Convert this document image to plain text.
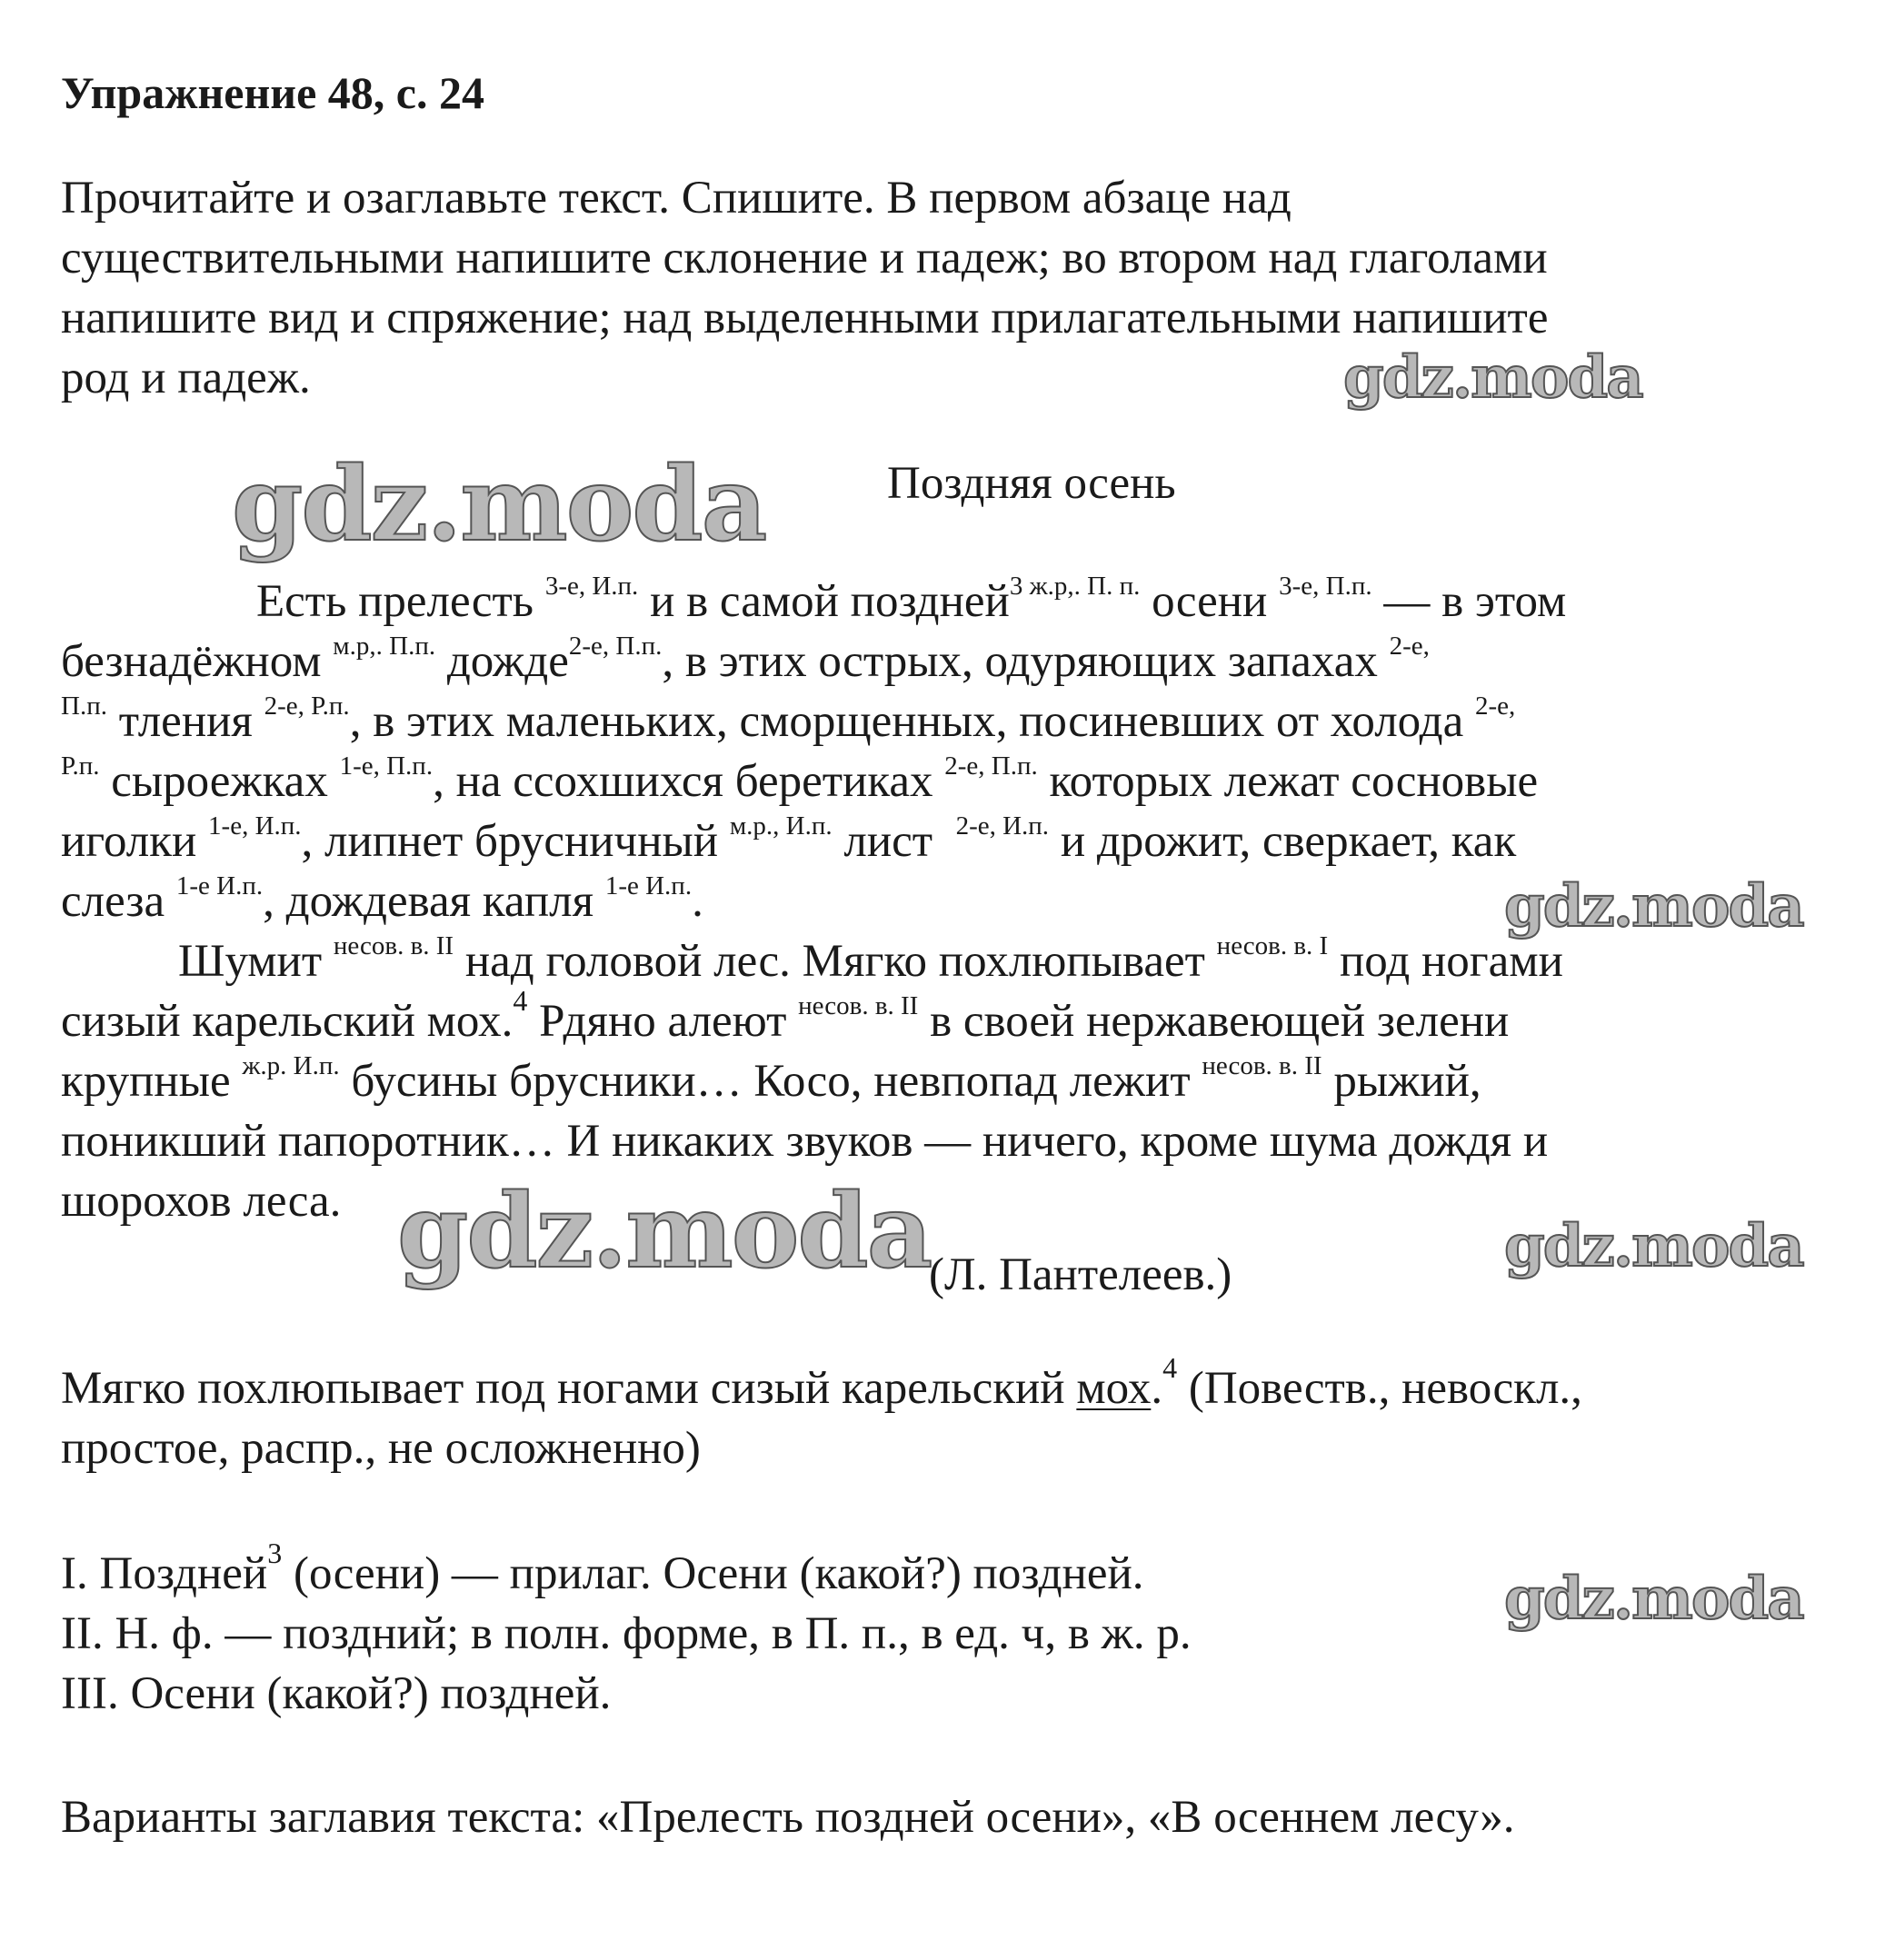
Упражнение 48, с. 24
Прочитайте и озаглавьте текст. Спишите. В первом абзаце над
существительными напишите склонение и падеж; во втором над глаголами
напишите вид и спряжение; над выделенными прилагательными напишите
род и падеж.	gdz.moda
gdz.moda
gdz.moda
gdz.moda	gdz.moda
gdz.moda
Поздняя осень
Есть прелесть $^{3-е, И.п.}$ и в самой поздней$^{3 ж.р,. П. п.}$ осени $^{3-е, П.п.}$ — в этом
безнадёжном $^{м.р,. П.п.}$ дожде$^{2-е, П.п.}$, в этих острых, одуряющих запахах $^{2-е,}$
$^{П.п.}$ тления $^{2-е, Р.п.}$, в этих маленьких, сморщенных, посиневших от холода $^{2-е,}$
$^{Р.п.}$ сыроежках $^{1-е, П.п.}$, на ссохшихся беретиках $^{2-е, П.п.}$ которых лежат сосновые
иголки $^{1-е, И.п.}$, липнет брусничный $^{м.р., И.п.}$ лист $^{2-е, И.п.}$ и дрожит, сверкает, как
слеза $^{1-е И.п.}$, дождевая капля $^{1-е И.п.}$.
Шумит $^{несов. в. II}$ над головой лес. Мягко похлюпывает $^{несов. в. I}$ под ногами
сизый карельский мох.$^4$ Рдяно алеют $^{несов. в. II}$ в своей нержавеющей зелени
крупные $^{ж.р. И.п.}$ бусины брусники… Косо, невпопад лежит $^{несов. в. II}$ рыжий,
поникший папоротник… И никаких звуков — ничего, кроме шума дождя и
шорохов леса.
(Л. Пантелеев.)
Мягко похлюпывает под ногами сизый карельский мох.$^4$ (Повеств., невоскл.,
простое, распр., не осложненно)
I. Поздней$^3$ (осени) — прилаг. Осени (какой?) поздней.
II. Н. ф. — поздний; в полн. форме, в П. п., в ед. ч, в ж. р.
III. Осени (какой?) поздней.
Варианты заглавия текста: «Прелесть поздней осени», «В осеннем лесу».
